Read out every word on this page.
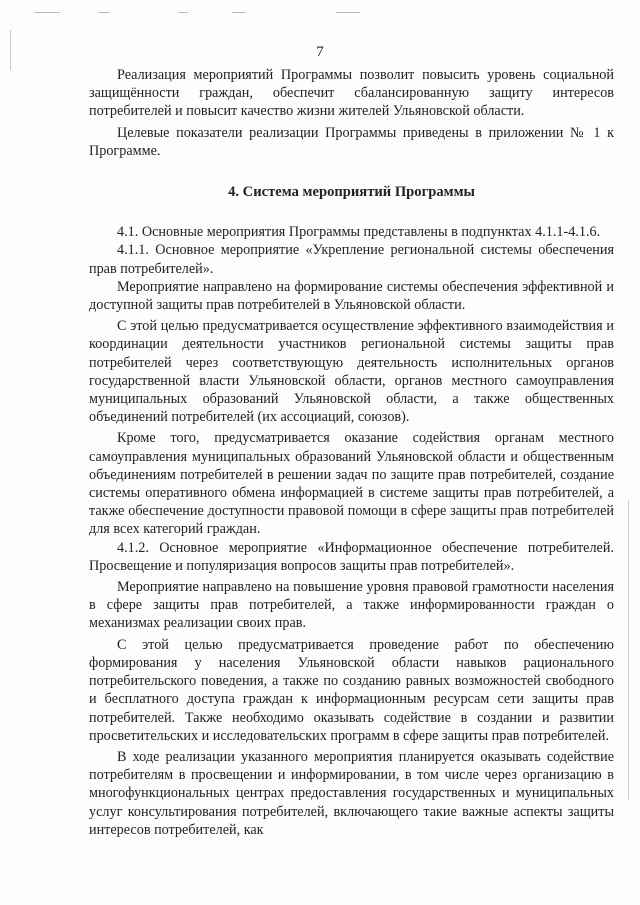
7

Реализация мероприятий Программы позволит повысить уровень социальной защищённости граждан, обеспечит сбалансированную защиту интересов потребителей и повысит качество жизни жителей Ульяновской области.

Целевые показатели реализации Программы приведены в приложении № 1 к Программе.

4. Система мероприятий Программы

4.1. Основные мероприятия Программы представлены в подпунктах 4.1.1-4.1.6.

4.1.1. Основное мероприятие «Укрепление региональной системы обеспечения прав потребителей».

Мероприятие направлено на формирование системы обеспечения эффективной и доступной защиты прав потребителей в Ульяновской области.

С этой целью предусматривается осуществление эффективного взаимодействия и координации деятельности участников региональной системы защиты прав потребителей через соответствующую деятельность исполнительных органов государственной власти Ульяновской области, органов местного самоуправления муниципальных образований Ульяновской области, а также общественных объединений потребителей (их ассоциаций, союзов).

Кроме того, предусматривается оказание содействия органам местного самоуправления муниципальных образований Ульяновской области и общественным объединениям потребителей в решении задач по защите прав потребителей, создание системы оперативного обмена информацией в системе защиты прав потребителей, а также обеспечение доступности правовой помощи в сфере защиты прав потребителей для всех категорий граждан.

4.1.2. Основное мероприятие «Информационное обеспечение потребителей. Просвещение и популяризация вопросов защиты прав потребителей».

Мероприятие направлено на повышение уровня правовой грамотности населения в сфере защиты прав потребителей, а также информированности граждан о механизмах реализации своих прав.

С этой целью предусматривается проведение работ по обеспечению формирования у населения Ульяновской области навыков рационального потребительского поведения, а также по созданию равных возможностей свободного и бесплатного доступа граждан к информационным ресурсам сети защиты прав потребителей. Также необходимо оказывать содействие в создании и развитии просветительских и исследовательских программ в сфере защиты прав потребителей.

В ходе реализации указанного мероприятия планируется оказывать содействие потребителям в просвещении и информировании, в том числе через организацию в многофункциональных центрах предоставления государственных и муниципальных услуг консультирования потребителей, включающего такие важные аспекты защиты интересов потребителей, как
